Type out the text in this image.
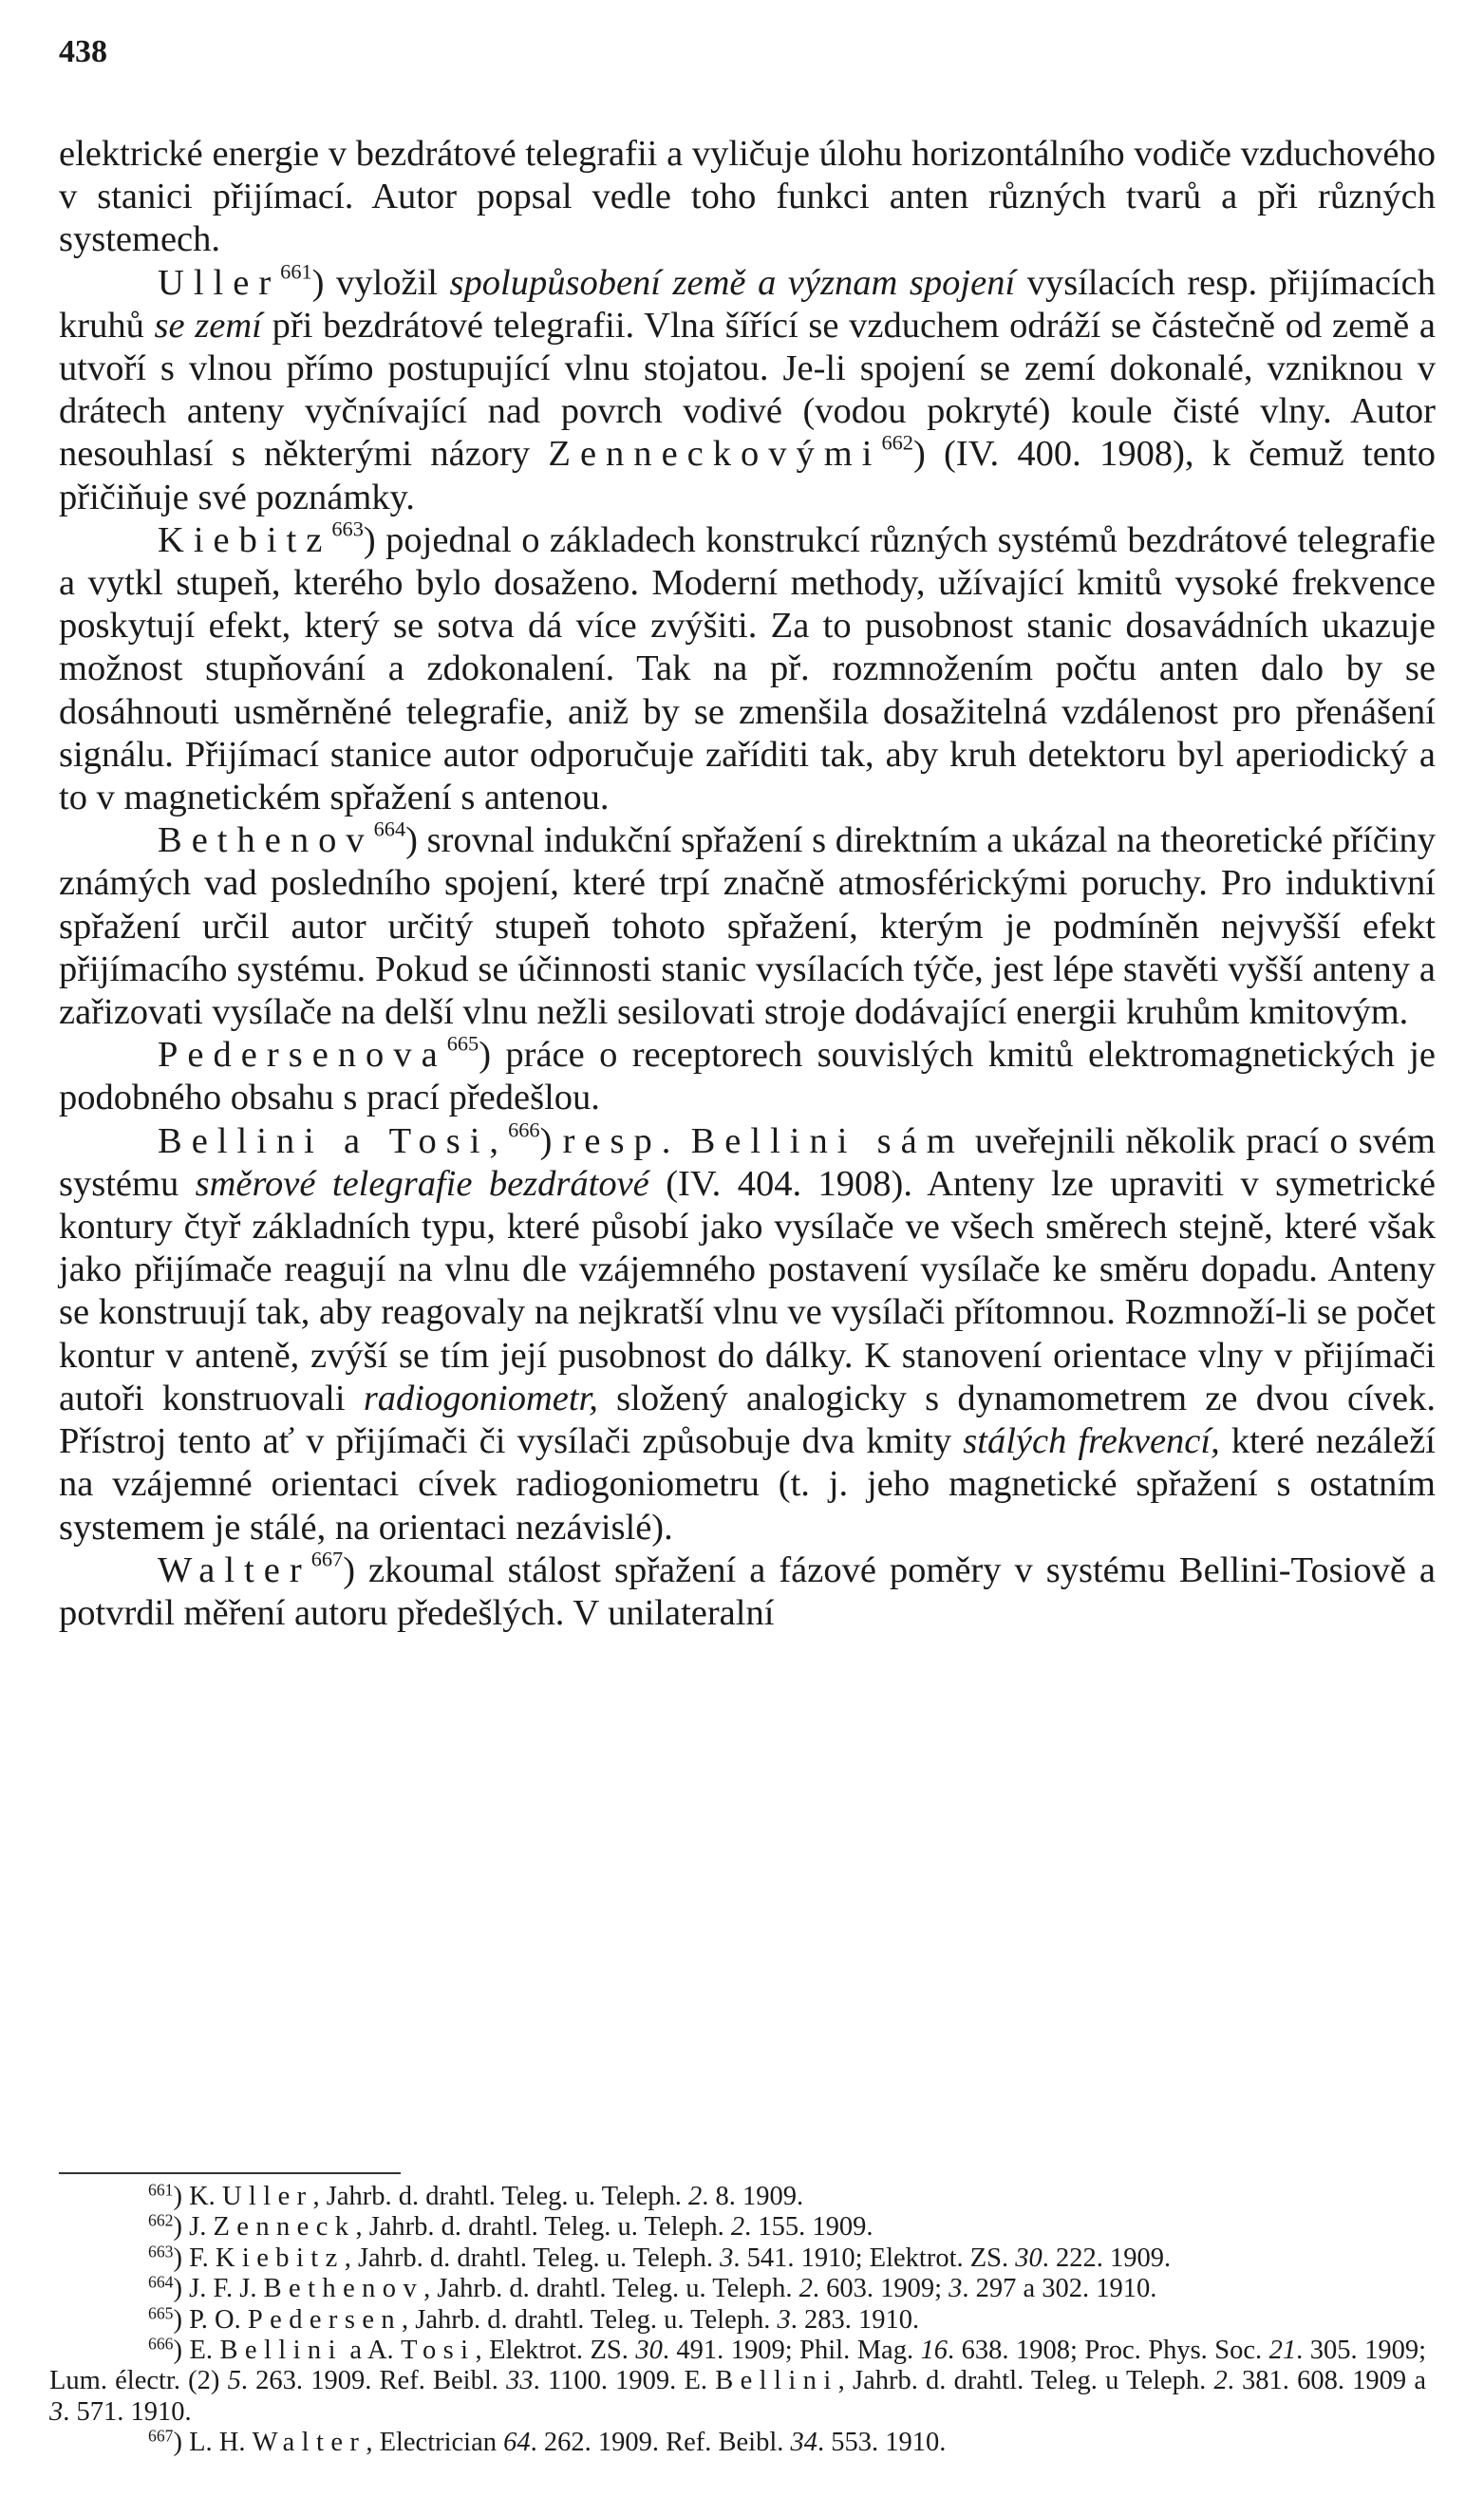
438

elektrické energie v bezdrátové telegrafii a vyličuje úlohu horizontálního vodiče vzduchového v stanici přijímací. Autor popsal vedle toho funkci anten různých tvarů a při různých systemech.

Uller$^{661}$) vyložil spolupůsobení země a význam spojení vysílacích resp. přijímacích kruhů se zemí při bezdrátové telegrafii. Vlna šířící se vzduchem odráží se částečně od země a utvoří s vlnou přímo postupující vlnu stojatou. Je-li spojení se zemí dokonalé, vzniknou v drátech anteny vyčnívající nad povrch vodivé (vodou pokryté) koule čisté vlny. Autor nesouhlasí s některými názory Zenneckovými$^{662}$) (IV. 400. 1908), k čemuž tento přičiňuje své poznámky.

Kiebitz$^{663}$) pojednal o základech konstrukcí různých systémů bezdrátové telegrafie a vytkl stupeň, kterého bylo dosaženo. Moderní methody, užívající kmitů vysoké frekvence poskytují efekt, který se sotva dá více zvýšiti. Za to pusobnost stanic dosavádních ukazuje možnost stupňování a zdokonalení. Tak na př. rozmnožením počtu anten dalo by se dosáhnouti usměrněné telegrafie, aniž by se zmenšila dosažitelná vzdálenost pro přenášení signálu. Přijímací stanice autor odporučuje zaříditi tak, aby kruh detektoru byl aperiodický a to v magnetickém spřažení s antenou.

Bethenov$^{664}$) srovnal indukční spřažení s direktním a ukázal na theoretické příčiny známých vad posledního spojení, které trpí značně atmosférickými poruchy. Pro induktivní spřažení určil autor určitý stupeň tohoto spřažení, kterým je podmíněn nejvyšší efekt přijímacího systému. Pokud se účinnosti stanic vysílacích týče, jest lépe stavěti vyšší anteny a zařizovati vysílače na delší vlnu nežli sesilovati stroje dodávající energii kruhům kmitovým.

Pedersenova$^{665}$) práce o receptorech souvislých kmitů elektromagnetických je podobného obsahu s prací předešlou.

Bellini a Tosi,$^{666}$) resp. Bellini sám uveřejnili několik prací o svém systému směrové telegrafie bezdrátové (IV. 404. 1908). Anteny lze upraviti v symetrické kontury čtyř základních typu, které působí jako vysílače ve všech směrech stejně, které však jako přijímače reagují na vlnu dle vzájemného postavení vysílače ke směru dopadu. Anteny se konstruují tak, aby reagovaly na nejkratší vlnu ve vysílači přítomnou. Rozmnoží-li se počet kontur v anteně, zvýší se tím její pusobnost do dálky. K stanovení orientace vlny v přijímači autoři konstruovali radiogoniometr, složený analogicky s dynamometrem ze dvou cívek. Přístroj tento ať v přijímači či vysílači způsobuje dva kmity stálých frekvencí, které nezáleží na vzájemné orientaci cívek radiogoniometru (t. j. jeho magnetické spřažení s ostatním systemem je stálé, na orientaci nezávislé).

Walter$^{667}$) zkoumal stálost spřažení a fázové poměry v systému Bellini-Tosiově a potvrdil měření autoru předešlých. V unilateralní

$^{661}$) K. Uller, Jahrb. d. drahtl. Teleg. u. Teleph. 2. 8. 1909.

$^{662}$) J. Zenneck, Jahrb. d. drahtl. Teleg. u. Teleph. 2. 155. 1909.

$^{663}$) F. Kiebitz, Jahrb. d. drahtl. Teleg. u. Teleph. 3. 541. 1910; Elektrot. ZS. 30. 222. 1909.

$^{664}$) J. F. J. Bethenov, Jahrb. d. drahtl. Teleg. u. Teleph. 2. 603. 1909; 3. 297 a 302. 1910.

$^{665}$) P. O. Pedersen, Jahrb. d. drahtl. Teleg. u. Teleph. 3. 283. 1910.

$^{666}$) E. Bellini a A. Tosi, Elektrot. ZS. 30. 491. 1909; Phil. Mag. 16. 638. 1908; Proc. Phys. Soc. 21. 305. 1909; Lum. électr. (2) 5. 263. 1909. Ref. Beibl. 33. 1100. 1909. E. Bellini, Jahrb. d. drahtl. Teleg. u Teleph. 2. 381. 608. 1909 a 3. 571. 1910.

$^{667}$) L. H. Walter, Electrician 64. 262. 1909. Ref. Beibl. 34. 553. 1910.
